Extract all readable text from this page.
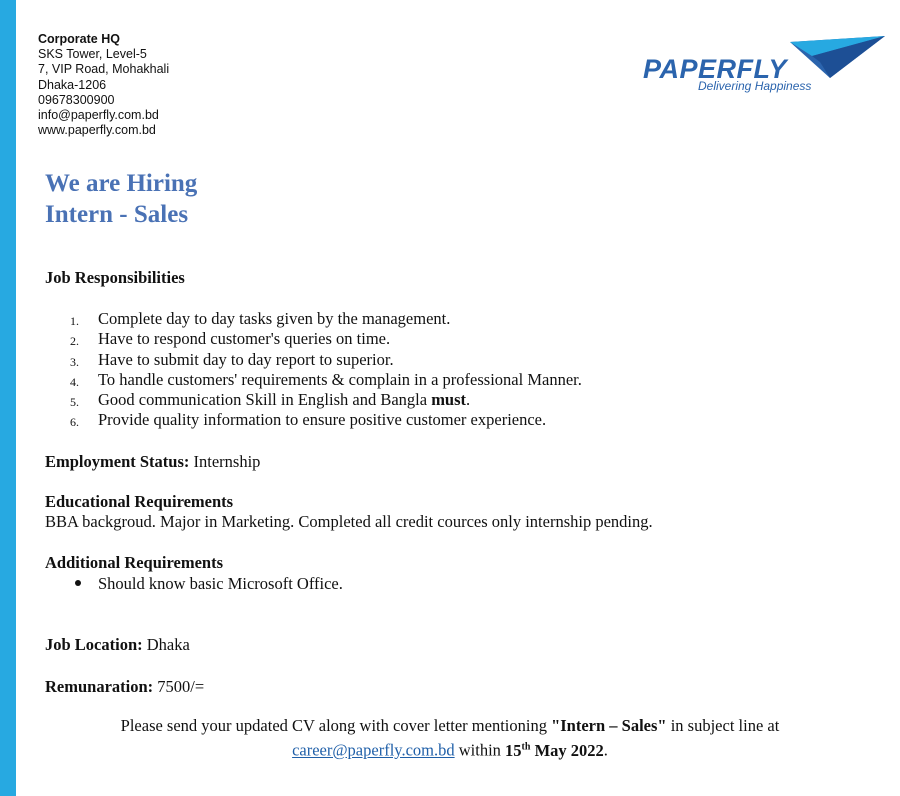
Corporate HQ
SKS Tower, Level-5
7, VIP Road, Mohakhali
Dhaka-1206
09678300900
info@paperfly.com.bd
www.paperfly.com.bd
PAPERFLY
Delivering Happiness
We are Hiring
Intern - Sales
Job Responsibilities
1. Complete day to day tasks given by the management.
2. Have to respond customer's queries on time.
3. Have to submit day to day report to superior.
4. To handle customers' requirements & complain in a professional Manner.
5. Good communication Skill in English and Bangla must.
6. Provide quality information to ensure positive customer experience.
Employment Status: Internship
Educational Requirements
BBA backgroud. Major in Marketing. Completed all credit cources only internship pending.
Additional Requirements
Should know basic Microsoft Office.
Job Location: Dhaka
Remunaration: 7500/=
Please send your updated CV along with cover letter mentioning "Intern – Sales" in subject line at
career@paperfly.com.bd within 15th May 2022.
